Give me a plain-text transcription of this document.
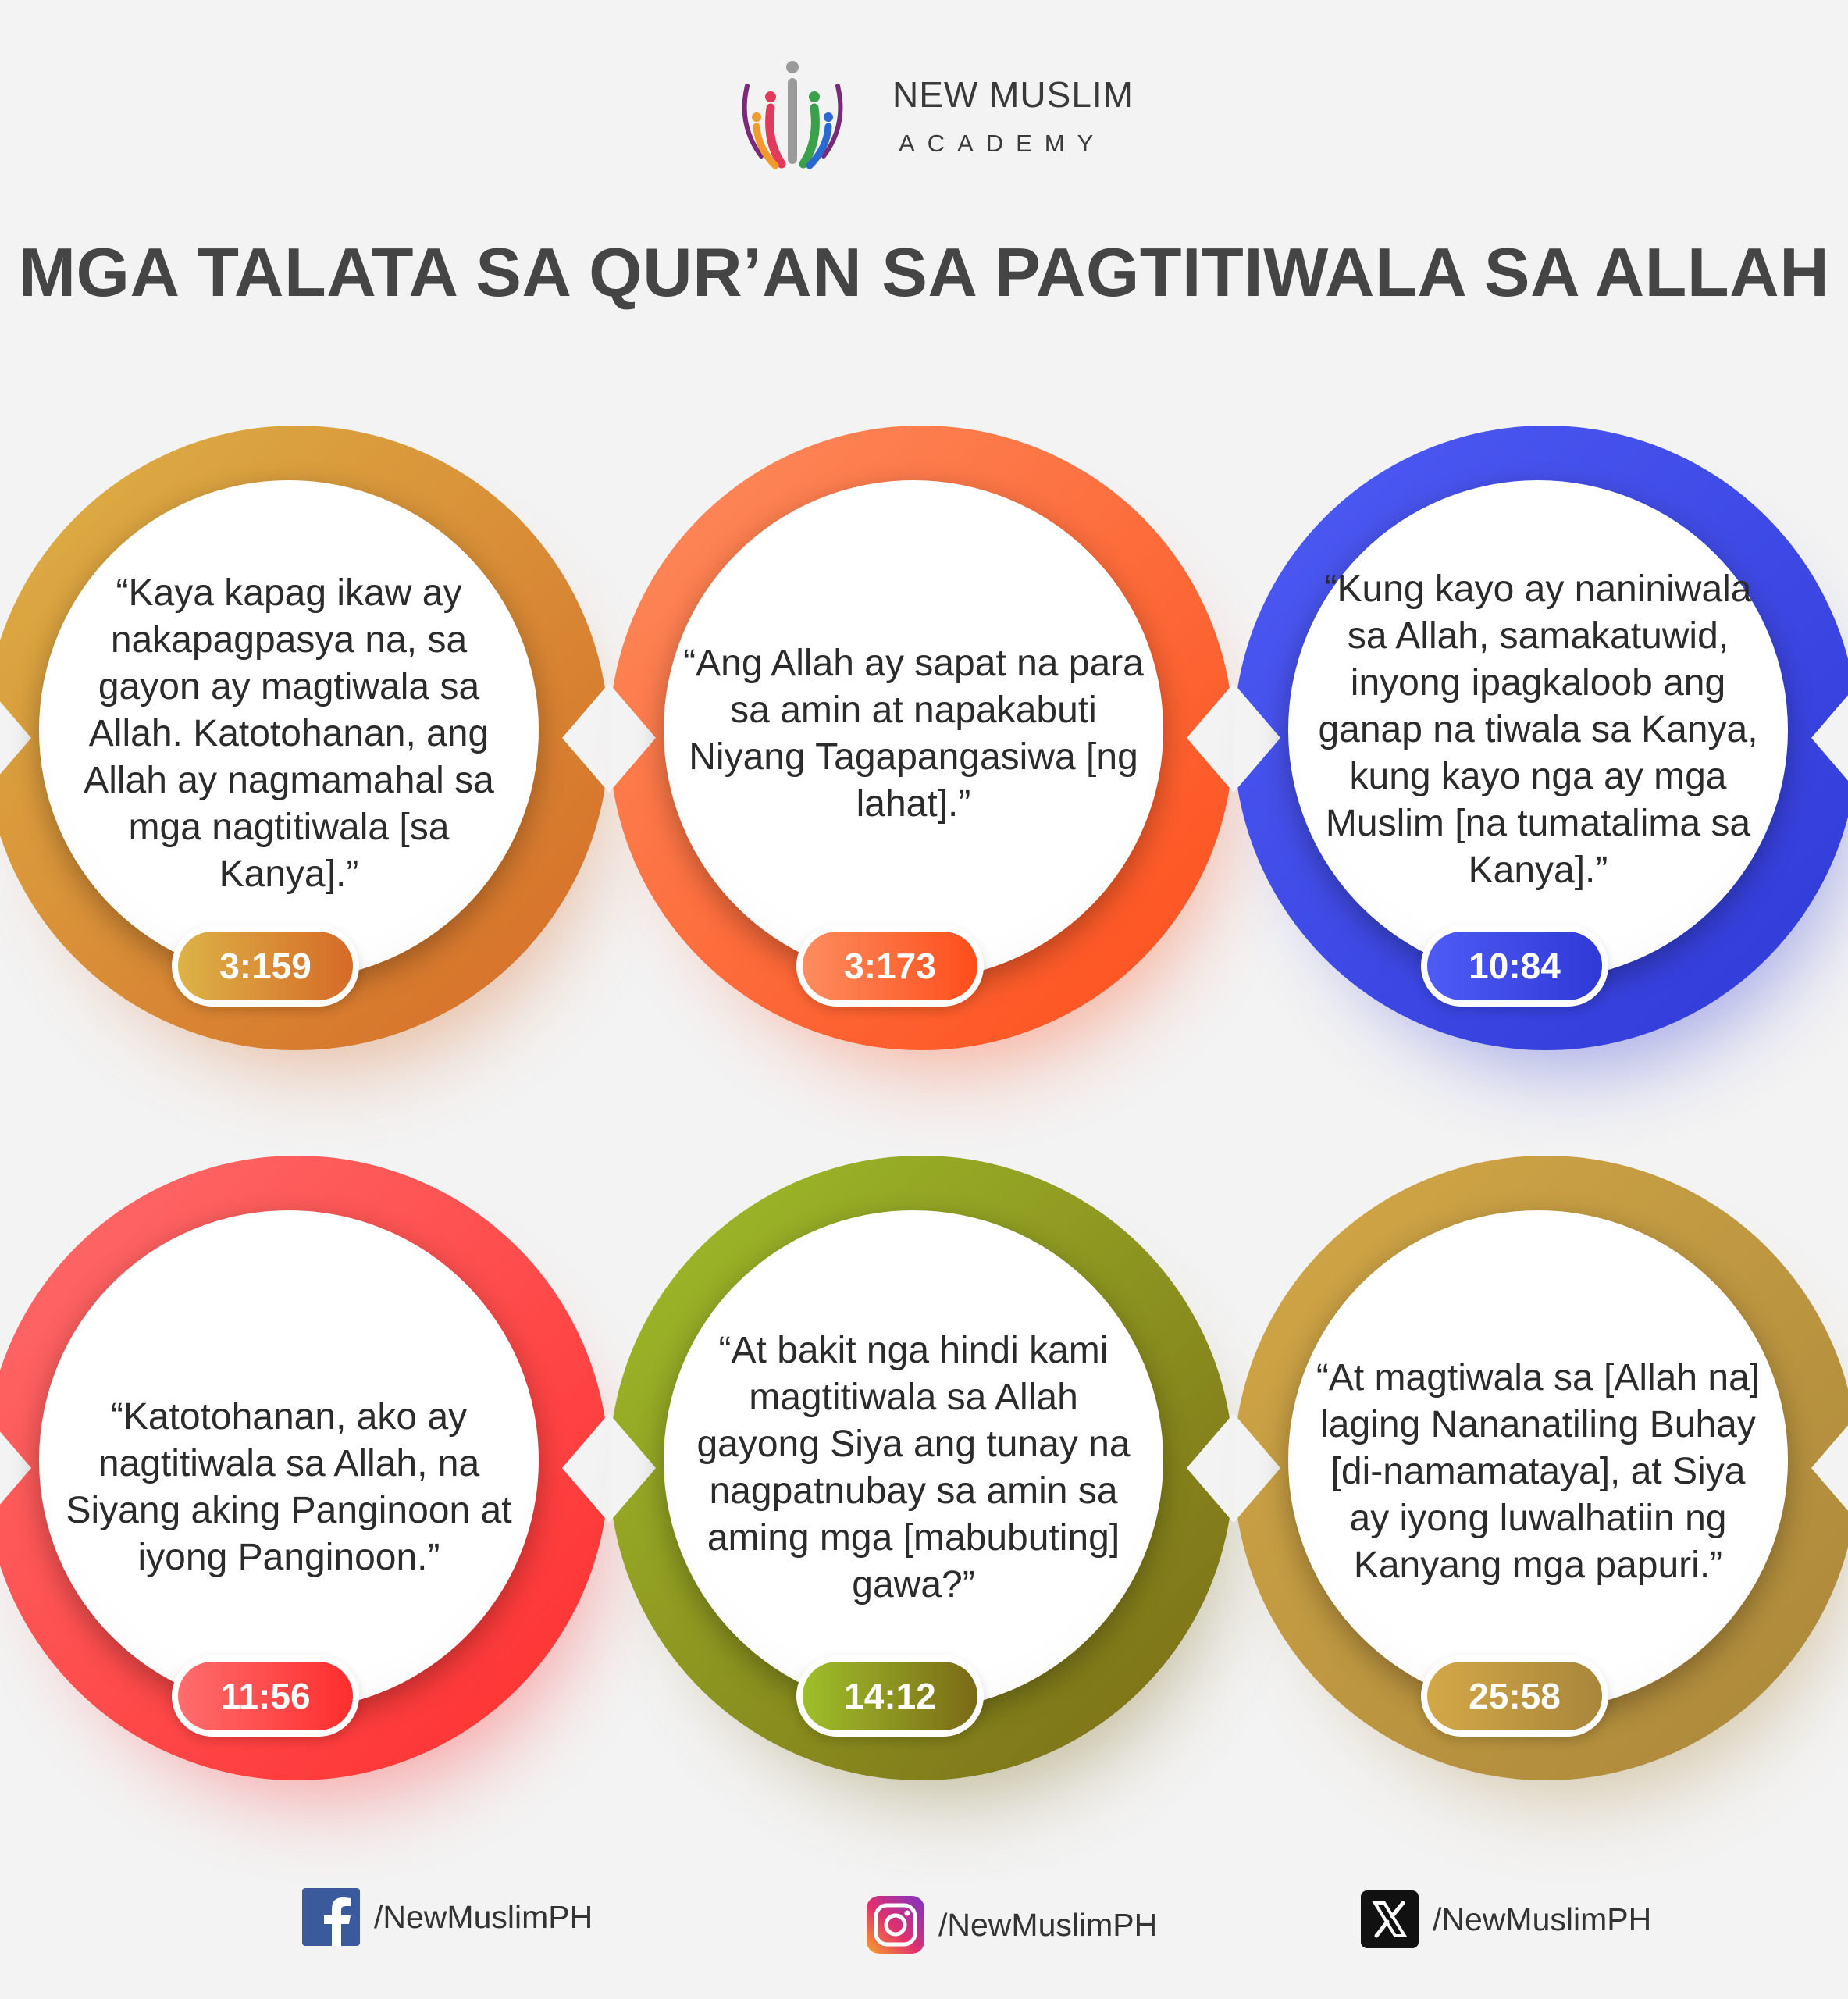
NEW MUSLIM
ACADEMY
MGA TALATA SA QUR’AN SA PAGTITIWALA SA ALLAH
“Kaya kapag ikaw ay nakapagpasya na, sa gayon ay magtiwala sa Allah. Katotohanan, ang Allah ay nagmamahal sa mga nagtitiwala [sa Kanya].”
3:159
“Ang Allah ay sapat na para sa amin at napakabuti Niyang Tagapangasiwa [ng lahat].”
3:173
“Kung kayo ay naniniwala sa Allah, samakatuwid, inyong ipagkaloob ang ganap na tiwala sa Kanya, kung kayo nga ay mga Muslim [na tumatalima sa Kanya].”
10:84
“Katotohanan, ako ay nagtitiwala sa Allah, na Siyang aking Panginoon at iyong Panginoon.”
11:56
“At bakit nga hindi kami magtitiwala sa Allah gayong Siya ang tunay na nagpatnubay sa amin sa aming mga [mabubuting] gawa?”
14:12
“At magtiwala sa [Allah na] laging Nananatiling Buhay [di-namamataya], at Siya ay iyong luwalhatiin ng Kanyang mga papuri.”
25:58
/NewMuslimPH	/NewMuslimPH	/NewMuslimPH
